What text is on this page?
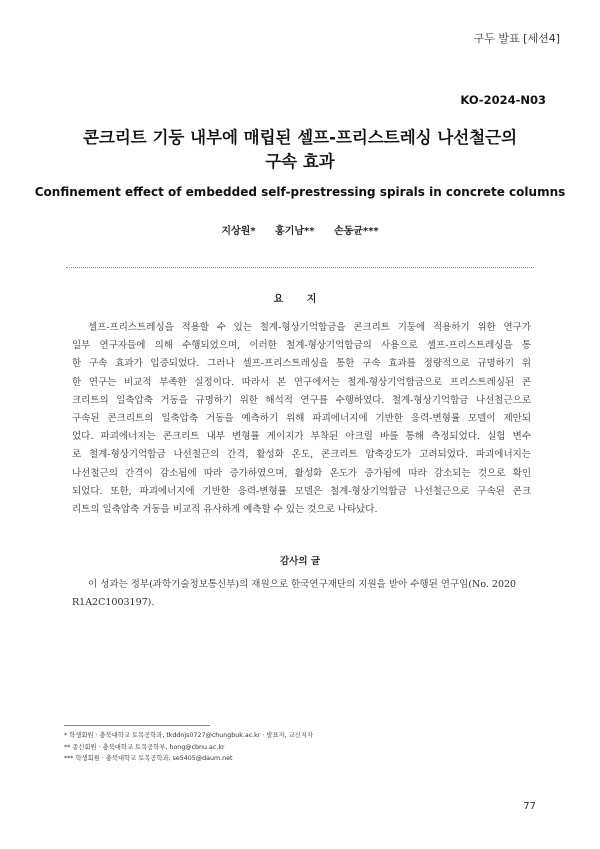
구두 발표 [세션4]
KO-2024-N03
콘크리트 기둥 내부에 매립된 셀프-프리스트레싱 나선철근의
구속 효과
Confinement effect of embedded self-prestressing spirals in concrete columns
지상원* 홍기남** 손동균***
요 지
셀프-프리스트레싱을 적용할 수 있는 철계-형상기억합금을 콘크리트 기둥에 적용하기 위한 연구가
일부 연구자들에 의해 수행되었으며, 이러한 철계-형상기억합금의 사용으로 셀프-프리스트레싱을 통
한 구속 효과가 입증되었다. 그러나 셀프-프리스트레싱을 통한 구속 효과를 정량적으로 규명하기 위
한 연구는 비교적 부족한 실정이다. 따라서 본 연구에서는 철계-형상기억합금으로 프리스트레싱된 콘
크리트의 일축압축 거동을 규명하기 위한 해석적 연구를 수행하였다. 철계-형상기억합금 나선철근으로
구속된 콘크리트의 일축압축 거동을 예측하기 위해 파괴에너지에 기반한 응력-변형률 모델이 제안되
었다. 파괴에너지는 콘크리트 내부 변형률 게이지가 부착된 아크릴 바를 통해 측정되었다. 실험 변수
로 철계-형상기억합금 나선철근의 간격, 활성화 온도, 콘크리트 압축강도가 고려되었다. 파괴에너지는
나선철근의 간격이 감소됨에 따라 증가하였으며, 활성화 온도가 증가됨에 따라 감소되는 것으로 확인
되었다. 또한, 파괴에너지에 기반한 응력-변형률 모델은 철계-형상기억합금 나선철근으로 구속된 콘크
리트의 일축압축 거동을 비교적 유사하게 예측할 수 있는 것으로 나타났다.
감사의 글
이 성과는 정부(과학기술정보통신부)의 재원으로 한국연구재단의 지원을 받아 수행된 연구임(No. 2020
R1A2C1003197).
* 학생회원 · 충북대학교 토목공학과, tkddnjs0727@chungbuk.ac.kr · 발표자, 교신저자
** 종신회원 · 충북대학교 토목공학부, hong@cbnu.ac.kr
*** 학생회원 · 충북대학교 토목공학과, se5405@daum.net
77
